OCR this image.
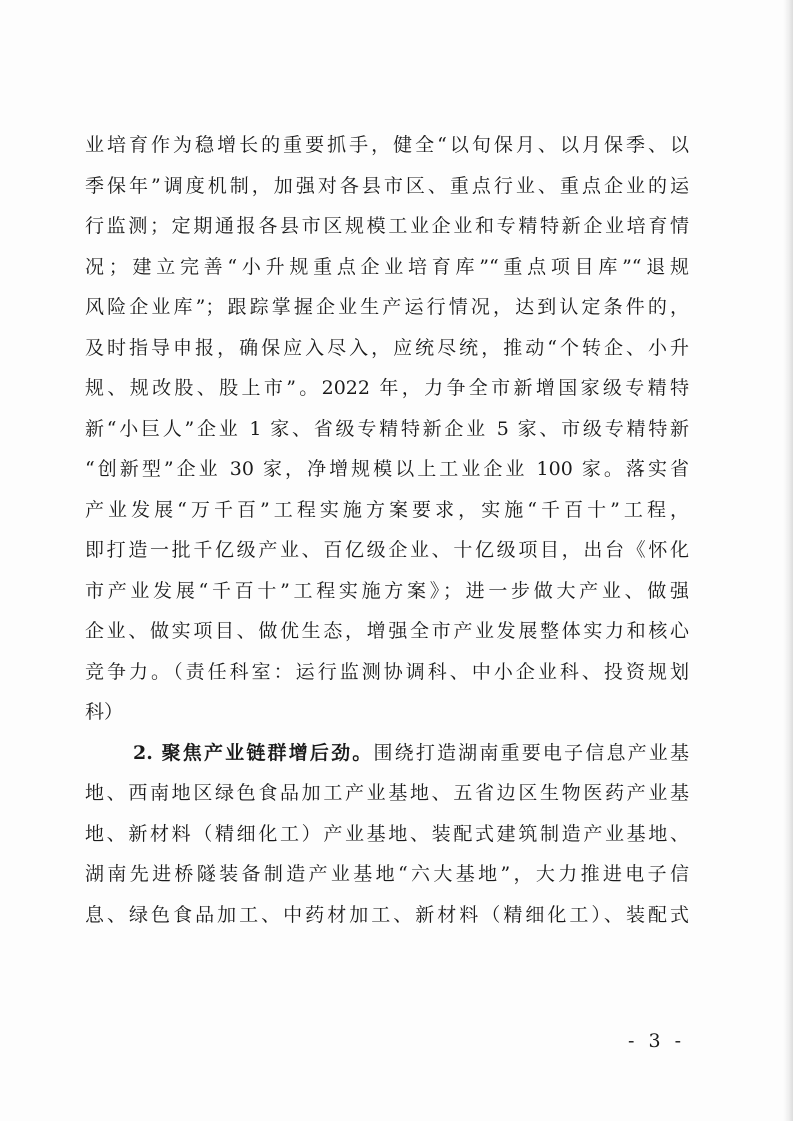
业培育作为稳增长的重要抓手，健全“以旬保月、以月保季、以
季保年”调度机制，加强对各县市区、重点行业、重点企业的运
行监测；定期通报各县市区规模工业企业和专精特新企业培育情
况；建立完善“小升规重点企业培育库”“重点项目库”“退规
风险企业库”；跟踪掌握企业生产运行情况，达到认定条件的，
及时指导申报，确保应入尽入，应统尽统，推动“个转企、小升
规、规改股、股上市”。2022 年，力争全市新增国家级专精特
新“小巨人”企业 1 家、省级专精特新企业 5 家、市级专精特新
“创新型”企业 30 家，净增规模以上工业企业 100 家。落实省
产业发展“万千百”工程实施方案要求，实施“千百十”工程，
即打造一批千亿级产业、百亿级企业、十亿级项目，出台《怀化
市产业发展“千百十”工程实施方案》；进一步做大产业、做强
企业、做实项目、做优生态，增强全市产业发展整体实力和核心
竞争力。（责任科室：运行监测协调科、中小企业科、投资规划
科）
2. 聚焦产业链群增后劲。围绕打造湖南重要电子信息产业基
地、西南地区绿色食品加工产业基地、五省边区生物医药产业基
地、新材料（精细化工）产业基地、装配式建筑制造产业基地、
湖南先进桥隧装备制造产业基地“六大基地”，大力推进电子信
息、绿色食品加工、中药材加工、新材料（精细化工）、装配式
- 3 -
